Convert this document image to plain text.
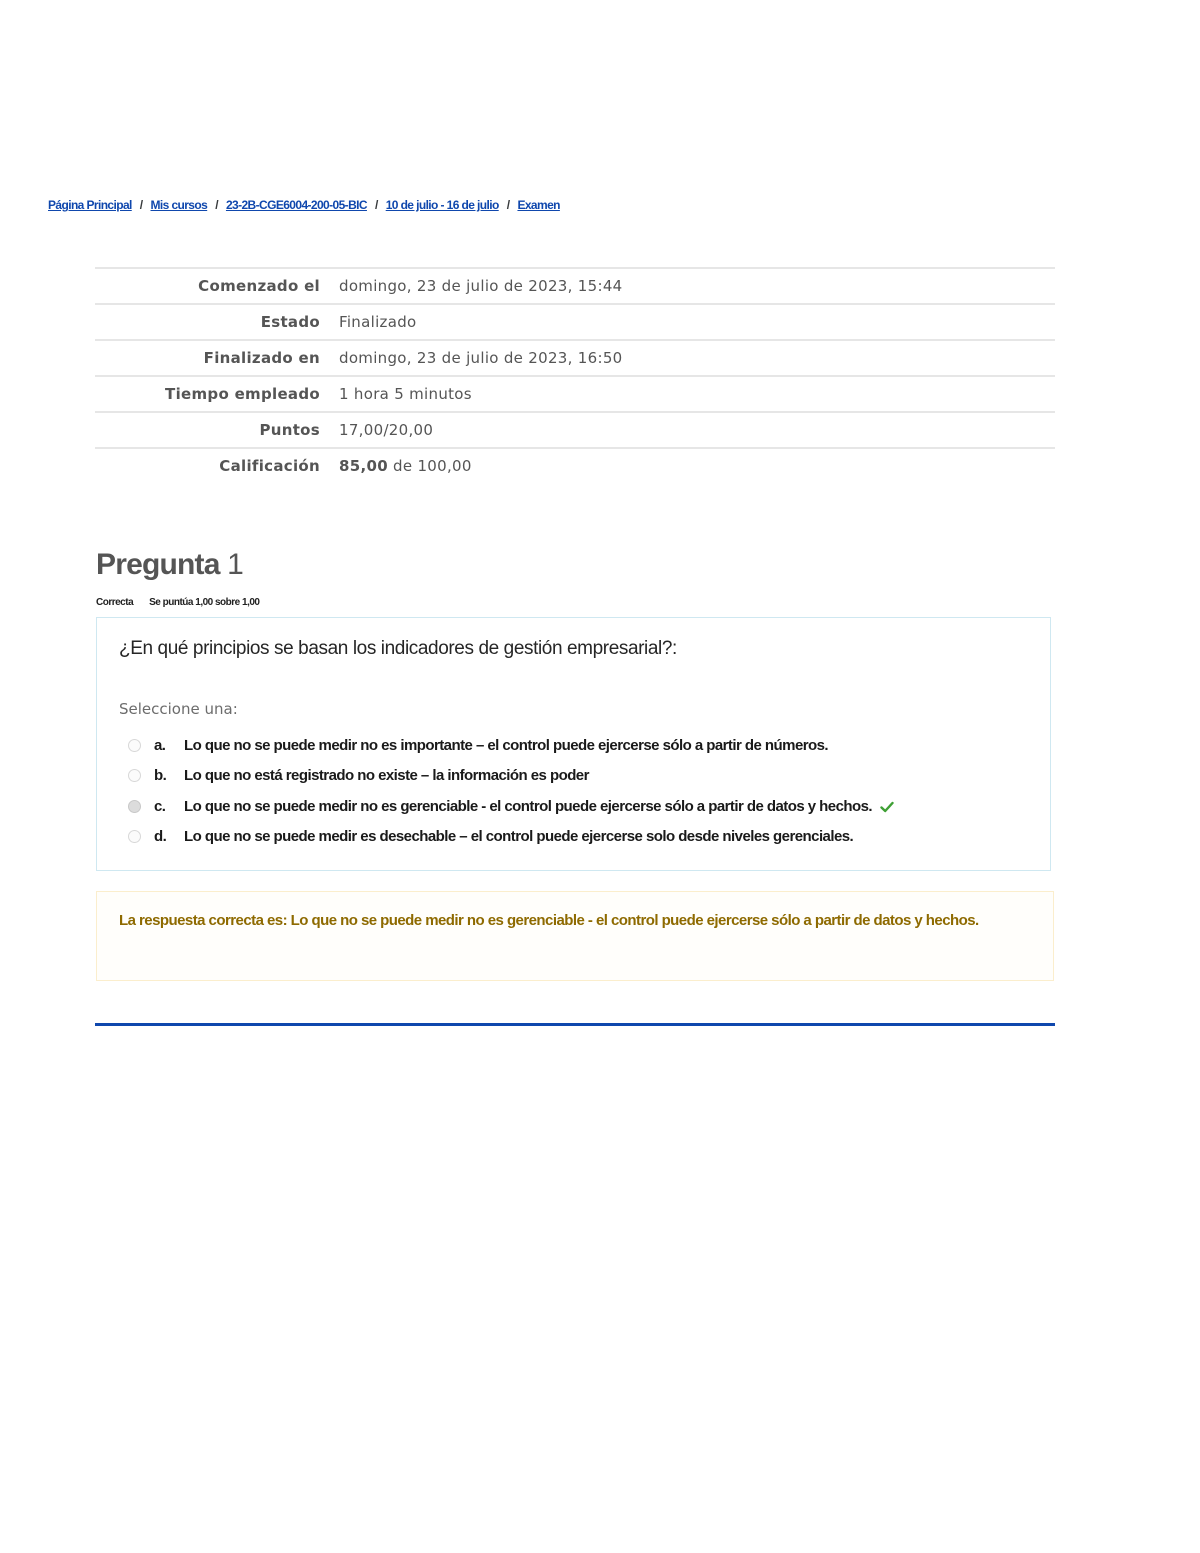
Página Principal / Mis cursos / 23-2B-CGE6004-200-05-BIC / 10 de julio - 16 de julio / Examen
Comenzado el	domingo, 23 de julio de 2023, 15:44
Estado	Finalizado
Finalizado en	domingo, 23 de julio de 2023, 16:50
Tiempo empleado	1 hora 5 minutos
Puntos	17,00/20,00
Calificación	85,00 de 100,00
Pregunta 1
Correcta Se puntúa 1,00 sobre 1,00
¿En qué principios se basan los indicadores de gestión empresarial?:
Seleccione una:
a.	Lo que no se puede medir no es importante – el control puede ejercerse sólo a partir de números.
b.	Lo que no está registrado no existe – la información es poder
c.	Lo que no se puede medir no es gerenciable - el control puede ejercerse sólo a partir de datos y hechos.
d.	Lo que no se puede medir es desechable – el control puede ejercerse solo desde niveles gerenciales.
La respuesta correcta es: Lo que no se puede medir no es gerenciable - el control puede ejercerse sólo a partir de datos y hechos.
